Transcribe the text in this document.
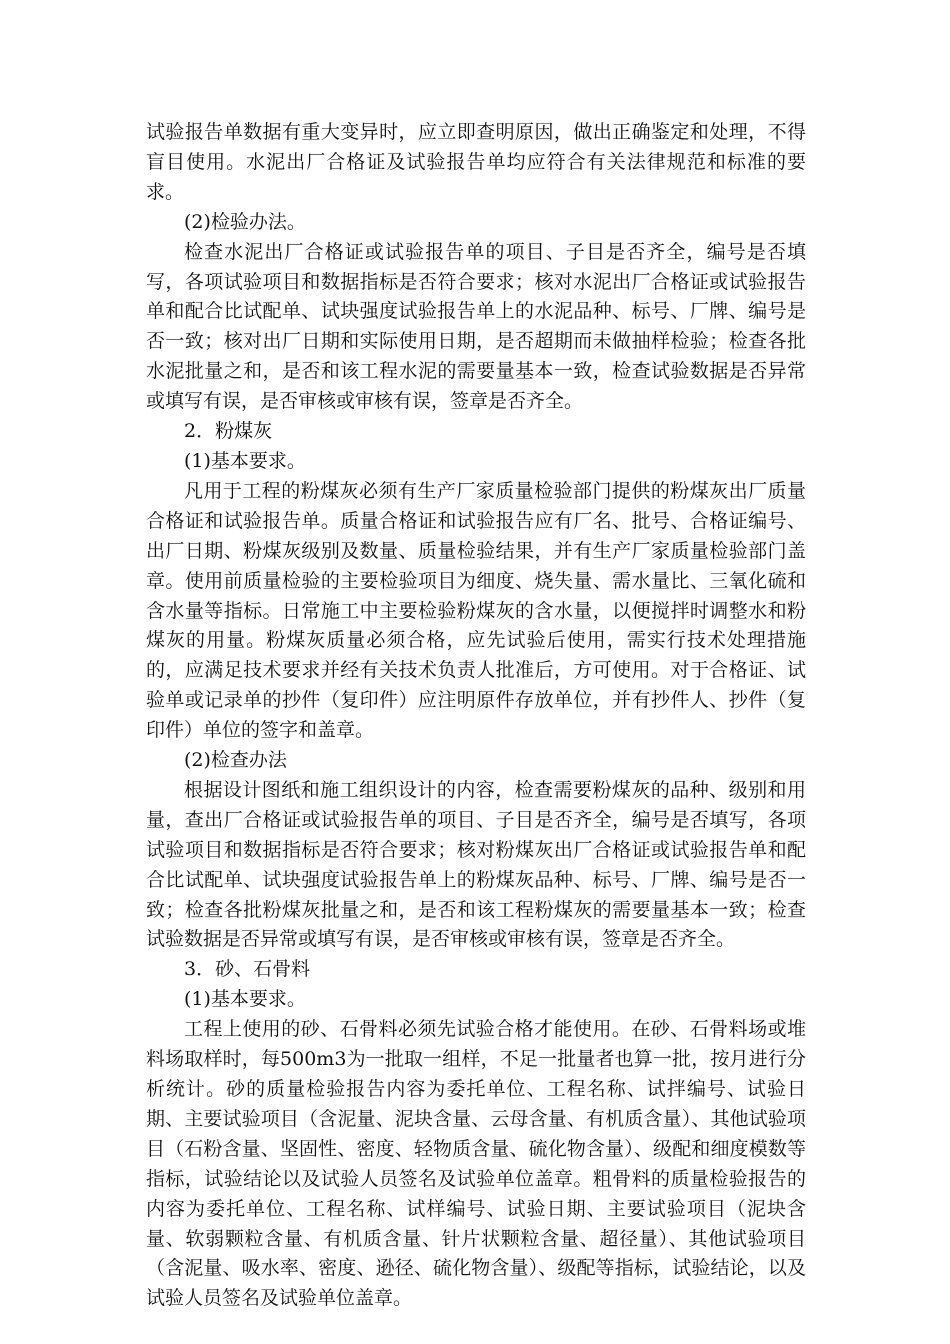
试验报告单数据有重大变异时，应立即查明原因，做出正确鉴定和处理，不得盲目使用。水泥出厂合格证及试验报告单均应符合有关法律规范和标准的要求。

(2)检验办法。

检查水泥出厂合格证或试验报告单的项目、子目是否齐全，编号是否填写，各项试验项目和数据指标是否符合要求；核对水泥出厂合格证或试验报告单和配合比试配单、试块强度试验报告单上的水泥品种、标号、厂牌、编号是否一致；核对出厂日期和实际使用日期，是否超期而未做抽样检验；检查各批水泥批量之和，是否和该工程水泥的需要量基本一致，检查试验数据是否异常或填写有误，是否审核或审核有误，签章是否齐全。

2．粉煤灰

(1)基本要求。

凡用于工程的粉煤灰必须有生产厂家质量检验部门提供的粉煤灰出厂质量合格证和试验报告单。质量合格证和试验报告应有厂名、批号、合格证编号、出厂日期、粉煤灰级别及数量、质量检验结果，并有生产厂家质量检验部门盖章。使用前质量检验的主要检验项目为细度、烧失量、需水量比、三氧化硫和含水量等指标。日常施工中主要检验粉煤灰的含水量，以便搅拌时调整水和粉煤灰的用量。粉煤灰质量必须合格，应先试验后使用，需实行技术处理措施的，应满足技术要求并经有关技术负责人批准后，方可使用。对于合格证、试验单或记录单的抄件（复印件）应注明原件存放单位，并有抄件人、抄件（复印件）单位的签字和盖章。

(2)检查办法

根据设计图纸和施工组织设计的内容，检查需要粉煤灰的品种、级别和用量，查出厂合格证或试验报告单的项目、子目是否齐全，编号是否填写，各项试验项目和数据指标是否符合要求；核对粉煤灰出厂合格证或试验报告单和配合比试配单、试块强度试验报告单上的粉煤灰品种、标号、厂牌、编号是否一致；检查各批粉煤灰批量之和，是否和该工程粉煤灰的需要量基本一致；检查试验数据是否异常或填写有误，是否审核或审核有误，签章是否齐全。

3．砂、石骨料

(1)基本要求。

工程上使用的砂、石骨料必须先试验合格才能使用。在砂、石骨料场或堆料场取样时，每500m3为一批取一组样，不足一批量者也算一批，按月进行分析统计。砂的质量检验报告内容为委托单位、工程名称、试拌编号、试验日期、主要试验项目（含泥量、泥块含量、云母含量、有机质含量）、其他试验项目（石粉含量、坚固性、密度、轻物质含量、硫化物含量）、级配和细度模数等指标，试验结论以及试验人员签名及试验单位盖章。粗骨料的质量检验报告的内容为委托单位、工程名称、试样编号、试验日期、主要试验项目（泥块含量、软弱颗粒含量、有机质含量、针片状颗粒含量、超径量）、其他试验项目（含泥量、吸水率、密度、逊径、硫化物含量）、级配等指标，试验结论，以及试验人员签名及试验单位盖章。
